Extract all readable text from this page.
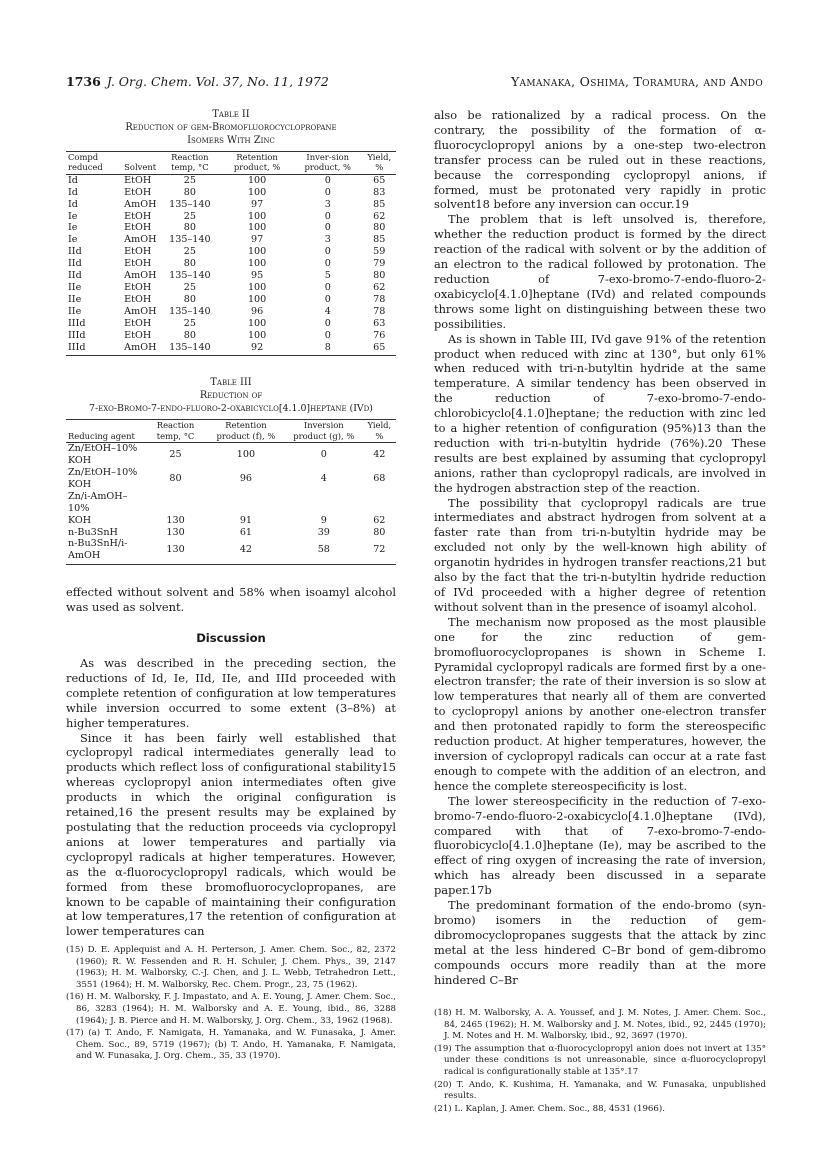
1736 J. Org. Chem. Vol. 37, No. 11, 1972	Yamanaka, Oshima, Toramura, and Ando
Table II
Reduction of gem-Bromofluorocyclopropane
Isomers With Zinc
Compd reduced	Solvent	Reaction temp, °C	Retention product, %	Inver-sion product, %	Yield, %
Id	EtOH	25	100	0	65
Id	EtOH	80	100	0	83
Id	AmOH	135–140	97	3	85
Ie	EtOH	25	100	0	62
Ie	EtOH	80	100	0	80
Ie	AmOH	135–140	97	3	85
IId	EtOH	25	100	0	59
IId	EtOH	80	100	0	79
IId	AmOH	135–140	95	5	80
IIe	EtOH	25	100	0	62
IIe	EtOH	80	100	0	78
IIe	AmOH	135–140	96	4	78
IIId	EtOH	25	100	0	63
IIId	EtOH	80	100	0	76
IIId	AmOH	135–140	92	8	65
Table III
Reduction of
7-exo-Bromo-7-endo-fluoro-2-oxabicyclo[4.1.0]heptane (IVd)
Reducing agent	Reaction temp, °C	Retention product (f), %	Inversion product (g), %	Yield, %
Zn/EtOH–10% KOH	25	100	0	42
Zn/EtOH–10% KOH	80	96	4	68
Zn/i-AmOH–10%				
KOH	130	91	9	62
n-Bu3SnH	130	61	39	80
n-Bu3SnH/i-AmOH	130	42	58	72

effected without solvent and 58% when isoamyl alcohol was used as solvent.

Discussion

As was described in the preceding section, the reductions of Id, Ie, IId, IIe, and IIId proceeded with complete retention of configuration at low temperatures while inversion occurred to some extent (3–8%) at higher temperatures.

Since it has been fairly well established that cyclopropyl radical intermediates generally lead to products which reflect loss of configurational stability15 whereas cyclopropyl anion intermediates often give products in which the original configuration is retained,16 the present results may be explained by postulating that the reduction proceeds via cyclopropyl anions at lower temperatures and partially via cyclopropyl radicals at higher temperatures. However, as the α-fluorocyclopropyl radicals, which would be formed from these bromofluorocyclopropanes, are known to be capable of maintaining their configuration at low temperatures,17 the retention of configuration at lower temperatures can

also be rationalized by a radical process. On the contrary, the possibility of the formation of α-fluorocyclopropyl anions by a one-step two-electron transfer process can be ruled out in these reactions, because the corresponding cyclopropyl anions, if formed, must be protonated very rapidly in protic solvent18 before any inversion can occur.19

The problem that is left unsolved is, therefore, whether the reduction product is formed by the direct reaction of the radical with solvent or by the addition of an electron to the radical followed by protonation. The reduction of 7-exo-bromo-7-endo-fluoro-2-oxabicyclo[4.1.0]heptane (IVd) and related compounds throws some light on distinguishing between these two possibilities.

As is shown in Table III, IVd gave 91% of the retention product when reduced with zinc at 130°, but only 61% when reduced with tri-n-butyltin hydride at the same temperature. A similar tendency has been observed in the reduction of 7-exo-bromo-7-endo-chlorobicyclo[4.1.0]heptane; the reduction with zinc led to a higher retention of configuration (95%)13 than the reduction with tri-n-butyltin hydride (76%).20 These results are best explained by assuming that cyclopropyl anions, rather than cyclopropyl radicals, are involved in the hydrogen abstraction step of the reaction.

The possibility that cyclopropyl radicals are true intermediates and abstract hydrogen from solvent at a faster rate than from tri-n-butyltin hydride may be excluded not only by the well-known high ability of organotin hydrides in hydrogen transfer reactions,21 but also by the fact that the tri-n-butyltin hydride reduction of IVd proceeded with a higher degree of retention without solvent than in the presence of isoamyl alcohol.

The mechanism now proposed as the most plausible one for the zinc reduction of gem-bromofluorocyclopropanes is shown in Scheme I. Pyramidal cyclopropyl radicals are formed first by a one-electron transfer; the rate of their inversion is so slow at low temperatures that nearly all of them are converted to cyclopropyl anions by another one-electron transfer and then protonated rapidly to form the stereospecific reduction product. At higher temperatures, however, the inversion of cyclopropyl radicals can occur at a rate fast enough to compete with the addition of an electron, and hence the complete stereospecificity is lost.

The lower stereospecificity in the reduction of 7-exo-bromo-7-endo-fluoro-2-oxabicyclo[4.1.0]heptane (IVd), compared with that of 7-exo-bromo-7-endo-fluorobicyclo[4.1.0]heptane (Ie), may be ascribed to the effect of ring oxygen of increasing the rate of inversion, which has already been discussed in a separate paper.17b

The predominant formation of the endo-bromo (syn-bromo) isomers in the reduction of gem-dibromocyclopropanes suggests that the attack by zinc metal at the less hindered C–Br bond of gem-dibromo compounds occurs more readily than at the more hindered C–Br

(15) D. E. Applequist and A. H. Perterson, J. Amer. Chem. Soc., 82, 2372 (1960); R. W. Fessenden and R. H. Schuler, J. Chem. Phys., 39, 2147 (1963); H. M. Walborsky, C.-J. Chen, and J. L. Webb, Tetrahedron Lett., 3551 (1964); H. M. Walborsky, Rec. Chem. Progr., 23, 75 (1962).

(16) H. M. Walborsky, F. J. Impastato, and A. E. Young, J. Amer. Chem. Soc., 86, 3283 (1964); H. M. Walborsky and A. E. Young, ibid., 86, 3288 (1964); J. B. Pierce and H. M. Walborsky, J. Org. Chem., 33, 1962 (1968).

(17) (a) T. Ando, F. Namigata, H. Yamanaka, and W. Funasaka, J. Amer. Chem. Soc., 89, 5719 (1967); (b) T. Ando, H. Yamanaka, F. Namigata, and W. Funasaka, J. Org. Chem., 35, 33 (1970).

(18) H. M. Walborsky, A. A. Youssef, and J. M. Notes, J. Amer. Chem. Soc., 84, 2465 (1962); H. M. Walborsky and J. M. Notes, ibid., 92, 2445 (1970); J. M. Notes and H. M. Walborsky, ibid., 92, 3697 (1970).

(19) The assumption that α-fluorocyclopropyl anion does not invert at 135° under these conditions is not unreasonable, since α-fluorocyclopropyl radical is configurationally stable at 135°.17

(20) T. Ando, K. Kushima, H. Yamanaka, and W. Funasaka, unpublished results.

(21) L. Kaplan, J. Amer. Chem. Soc., 88, 4531 (1966).
